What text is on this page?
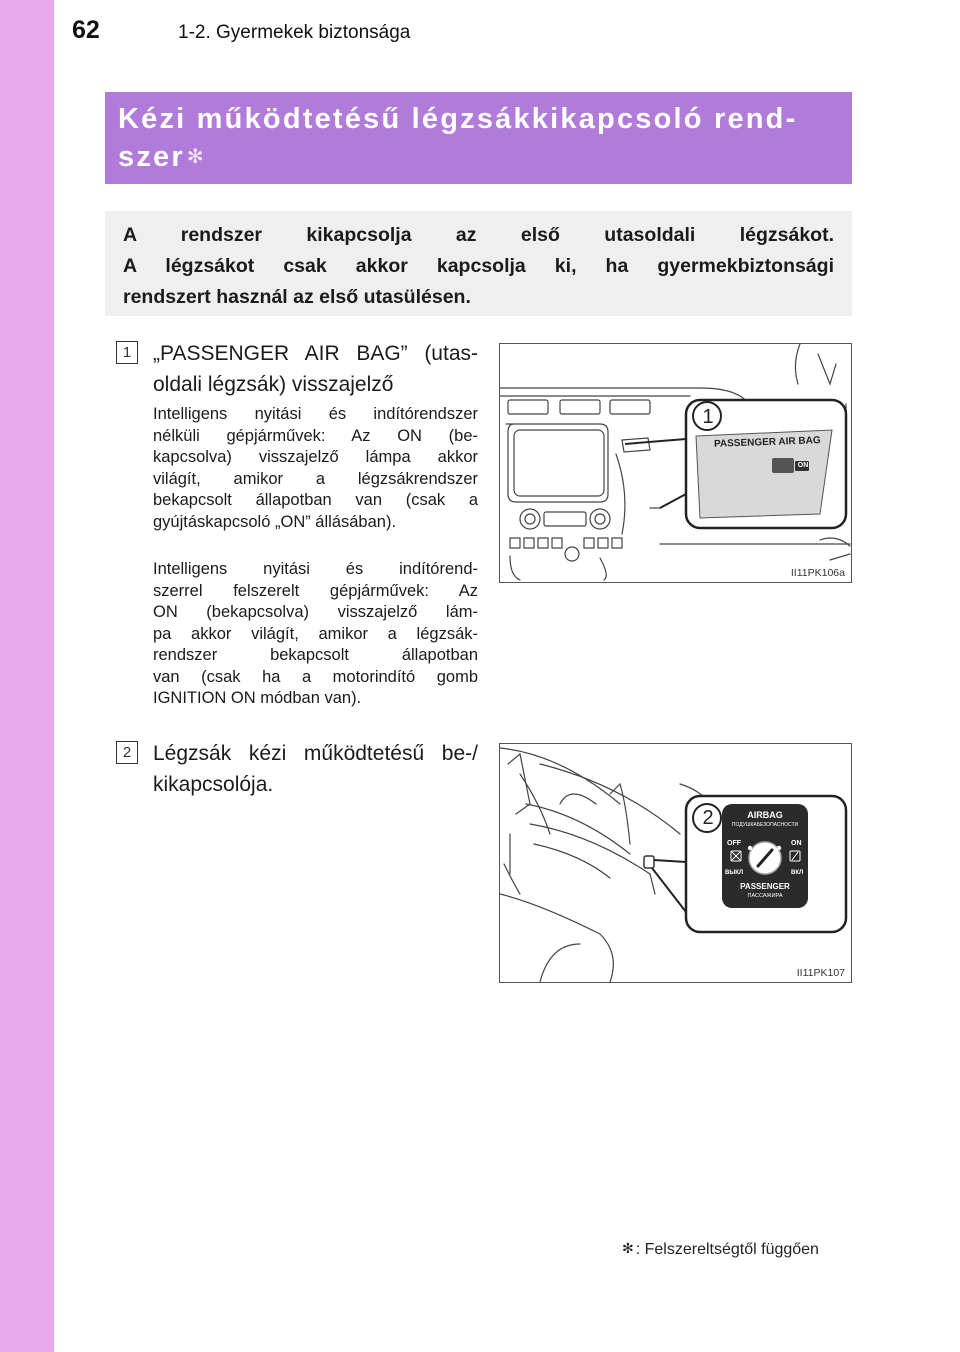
62	1-2. Gyermekek biztonsága
Kézi működtetésű légzsákkikapcsoló rend-
szer ✻
A rendszer kikapcsolja az első utasoldali légzsákot.
A légzsákot csak akkor kapcsolja ki, ha gyermekbiztonsági
rendszert használ az első utasülésen.
1	„PASSENGER AIR BAG” (utas-
oldali légzsák) visszajelző
Intelligens nyitási és indítórendszer
nélküli gépjárművek: Az ON (be-
kapcsolva) visszajelző lámpa akkor
világít, amikor a légzsákrendszer
bekapcsolt állapotban van (csak a
gyújtáskapcsoló „ON” állásában).
Intelligens nyitási és indítórend-
szerrel felszerelt gépjárművek: Az
ON (bekapcsolva) visszajelző lám-
pa akkor világít, amikor a légzsák-
rendszer bekapcsolt állapotban
van (csak ha a motorindító gomb
IGNITION ON módban van).
2	Légzsák kézi működtetésű be-/
kikapcsolója.
1
PASSENGER AIR BAG
ON
II11PK106a
2	AIRBAG
ПОДУШКАБЕЗОПАСНОСТИ
OFF	ON
ВЫКЛ	ВКЛ
PASSENGER
ПАССАЖИРА
II11PK107
✻ : Felszereltségtől függően
